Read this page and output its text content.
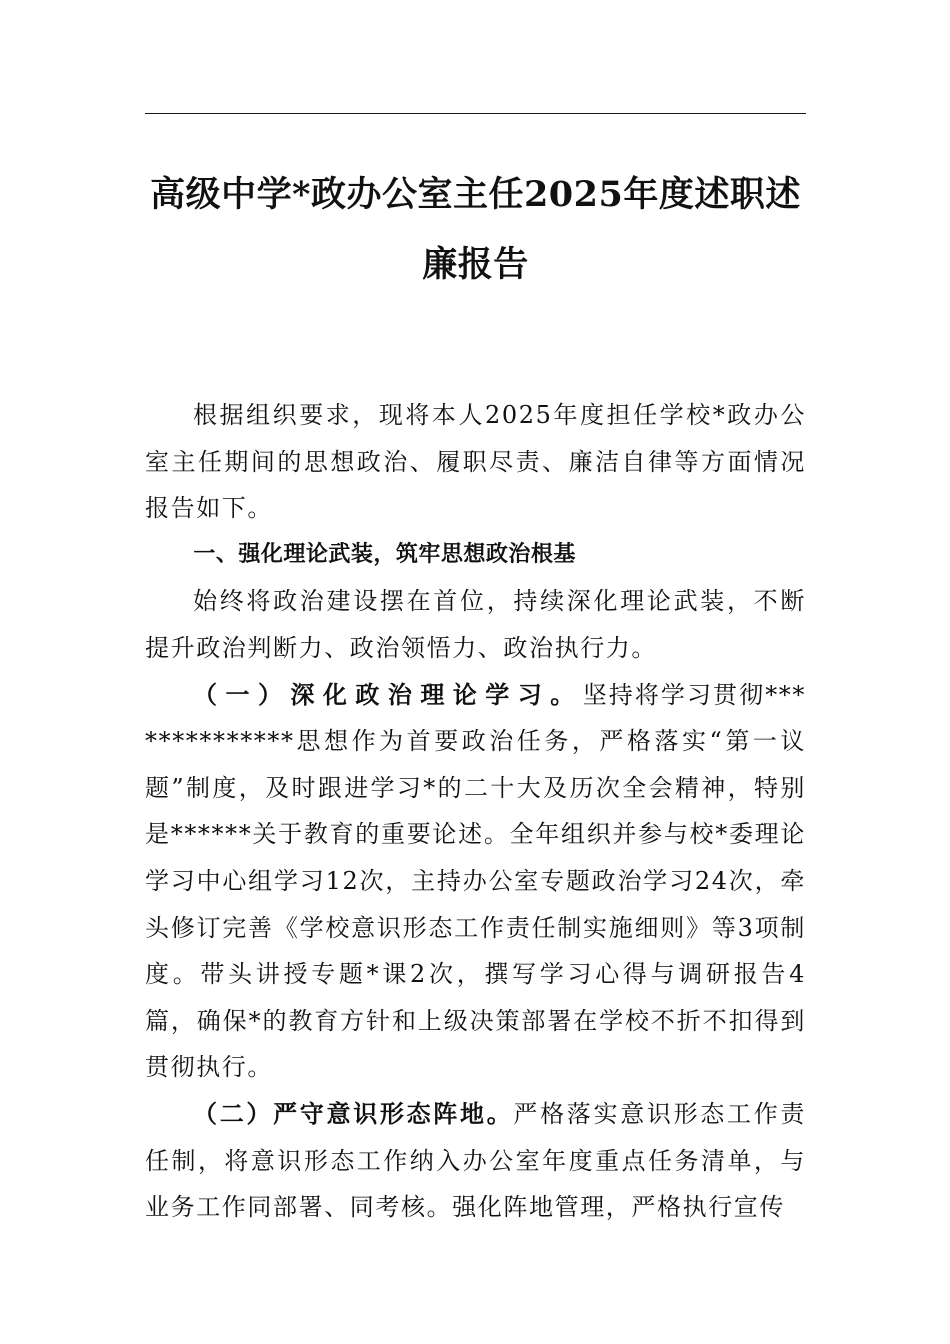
高级中学*政办公室主任2025年度述职述廉报告

根据组织要求，现将本人2025年度担任学校*政办公室主任期间的思想政治、履职尽责、廉洁自律等方面情况报告如下。

一、强化理论武装，筑牢思想政治根基

始终将政治建设摆在首位，持续深化理论武装，不断提升政治判断力、政治领悟力、政治执行力。

（一）深化政治理论学习。坚持将学习贯彻**************思想作为首要政治任务，严格落实“第一议题”制度，及时跟进学习*的二十大及历次全会精神，特别是******关于教育的重要论述。全年组织并参与校*委理论学习中心组学习12次，主持办公室专题政治学习24次，牵头修订完善《学校意识形态工作责任制实施细则》等3项制度。带头讲授专题*课2次，撰写学习心得与调研报告4篇，确保*的教育方针和上级决策部署在学校不折不扣得到贯彻执行。

（二）严守意识形态阵地。严格落实意识形态工作责任制，将意识形态工作纳入办公室年度重点任务清单，与业务工作同部署、同考核。强化阵地管理，严格执行宣传
